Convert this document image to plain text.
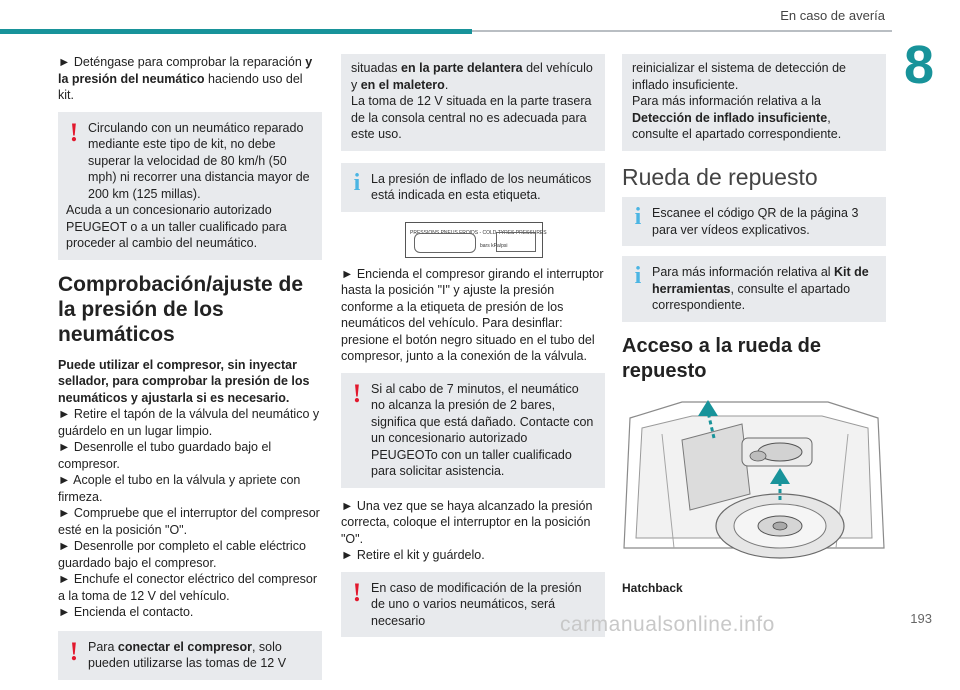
En caso de avería
8

► Deténgase para comprobar la reparación y la presión del neumático haciendo uso del kit.

! Circulando con un neumático reparado mediante este tipo de kit, no debe superar la velocidad de 80 km/h (50 mph) ni recorrer una distancia mayor de 200 km (125 millas).

Acuda a un concesionario autorizado PEUGEOT o a un taller cualificado para proceder al cambio del neumático.

Comprobación/ajuste de la presión de los neumáticos

Puede utilizar el compresor, sin inyectar sellador, para comprobar la presión de los neumáticos y ajustarla si es necesario.

► Retire el tapón de la válvula del neumático y guárdelo en un lugar limpio.

► Desenrolle el tubo guardado bajo el compresor.

► Acople el tubo en la válvula y apriete con firmeza.

► Compruebe que el interruptor del compresor esté en la posición "O".

► Desenrolle por completo el cable eléctrico guardado bajo el compresor.

► Enchufe el conector eléctrico del compresor a la toma de 12 V del vehículo.

► Encienda el contacto.

! Para conectar el compresor, solo pueden utilizarse las tomas de 12 V

situadas en la parte delantera del vehículo y en el maletero.

La toma de 12 V situada en la parte trasera de la consola central no es adecuada para este uso.

i La presión de inflado de los neumáticos está indicada en esta etiqueta.

PRESSIONS PNEUS FROIDS - COLD TYRES PRESSURES
bars kPa/psi

► Encienda el compresor girando el interruptor hasta la posición "I" y ajuste la presión conforme a la etiqueta de presión de los neumáticos del vehículo. Para desinflar: presione el botón negro situado en el tubo del compresor, junto a la conexión de la válvula.

! Si al cabo de 7 minutos, el neumático no alcanza la presión de 2 bares, significa que está dañado. Contacte con un concesionario autorizado PEUGEOTo con un taller cualificado para solicitar asistencia.

► Una vez que se haya alcanzado la presión correcta, coloque el interruptor en la posición "O".

► Retire el kit y guárdelo.

! En caso de modificación de la presión de uno o varios neumáticos, será necesario

reinicializar el sistema de detección de inflado insuficiente.

Para más información relativa a la Detección de inflado insuficiente, consulte el apartado correspondiente.

Rueda de repuesto
i Escanee el código QR de la página 3 para ver vídeos explicativos.

i Para más información relativa al Kit de herramientas, consulte el apartado correspondiente.

Acceso a la rueda de repuesto

Hatchback

193
carmanualsonline.info
